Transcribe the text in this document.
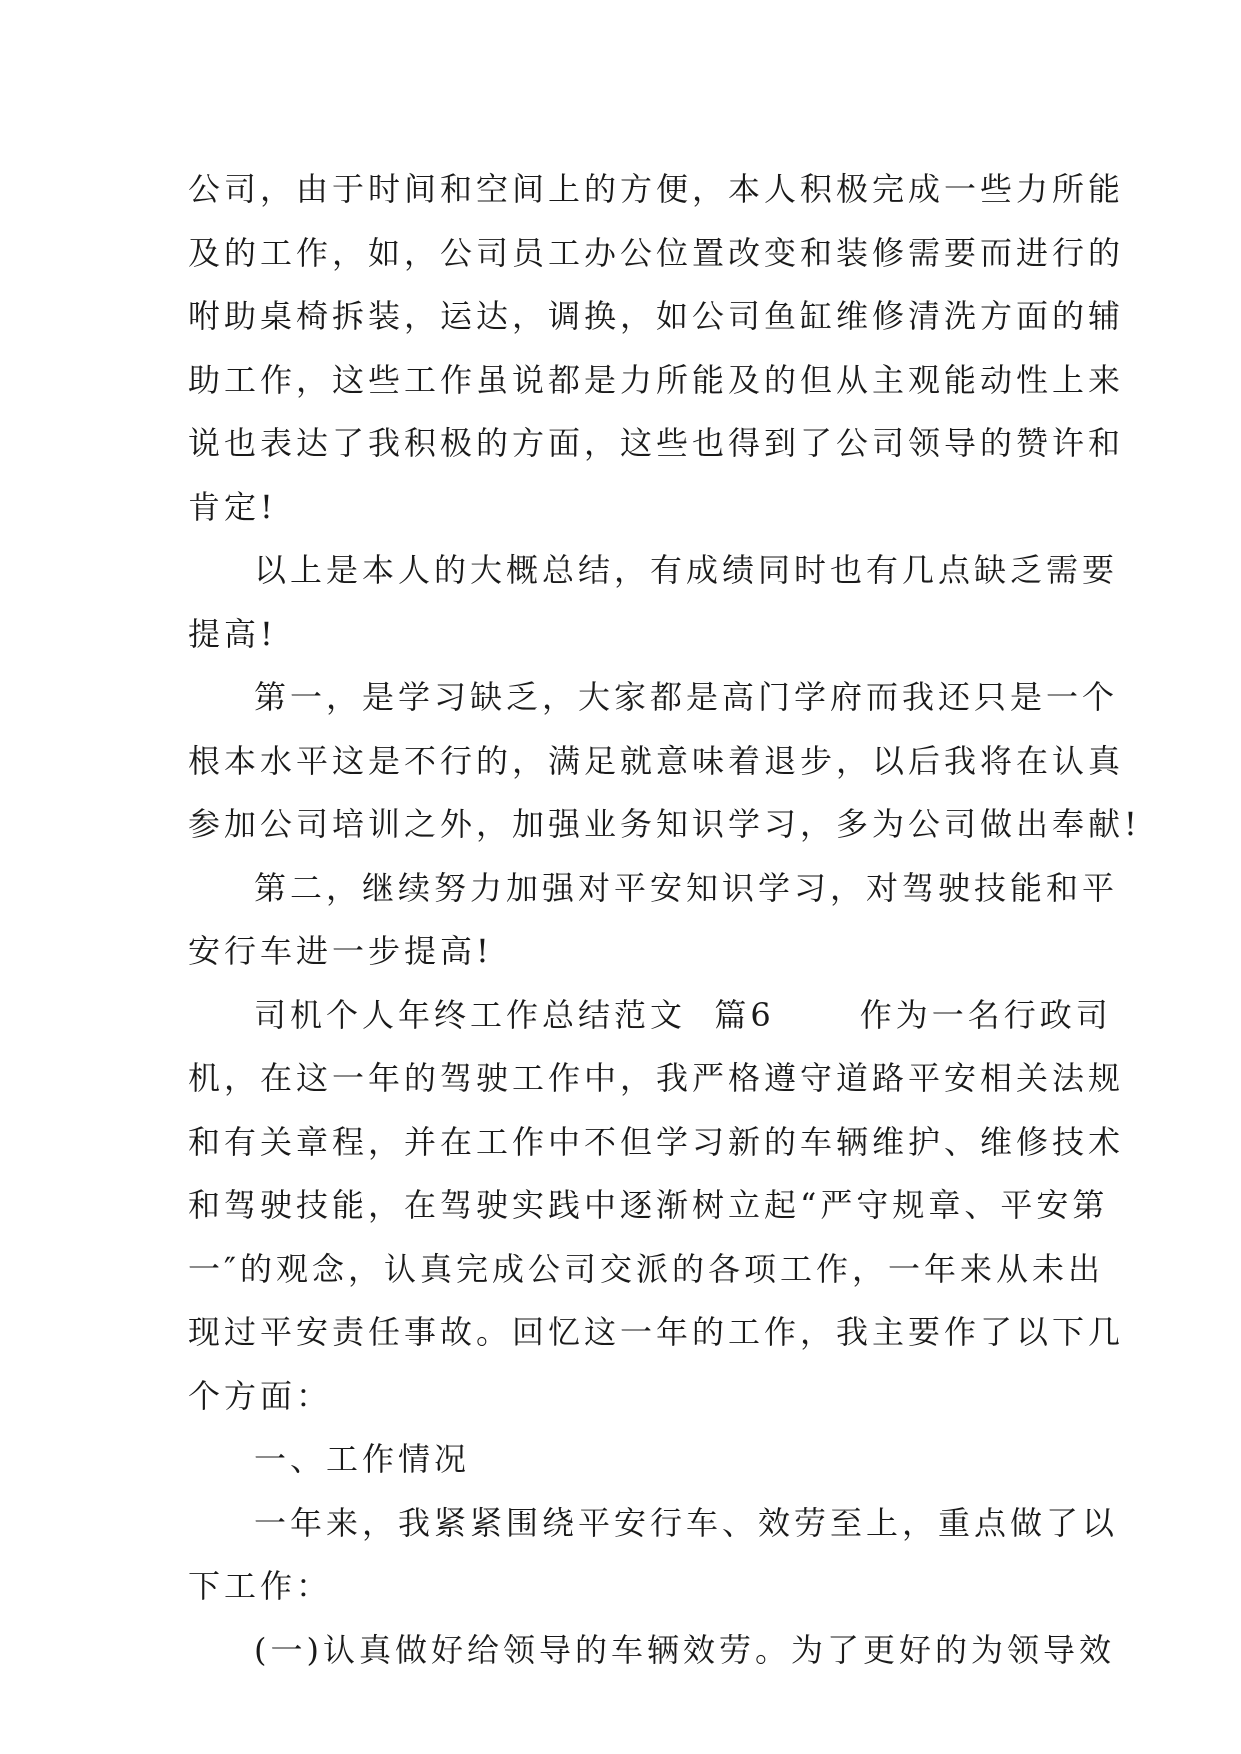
公司，由于时间和空间上的方便，本人积极完成一些力所能
及的工作，如，公司员工办公位置改变和装修需要而进行的
咐助桌椅拆装，运达，调换，如公司鱼缸维修清洗方面的辅
助工作，这些工作虽说都是力所能及的但从主观能动性上来
说也表达了我积极的方面，这些也得到了公司领导的赞许和
肯定!
以上是本人的大概总结，有成绩同时也有几点缺乏需要
提高!
第一，是学习缺乏，大家都是高门学府而我还只是一个
根本水平这是不行的，满足就意味着退步，以后我将在认真
参加公司培训之外，加强业务知识学习，多为公司做出奉献!
第二，继续努力加强对平安知识学习，对驾驶技能和平
安行车进一步提高!
司机个人年终工作总结范文  篇6      作为一名行政司
机，在这一年的驾驶工作中，我严格遵守道路平安相关法规
和有关章程，并在工作中不但学习新的车辆维护、维修技术
和驾驶技能，在驾驶实践中逐渐树立起“严守规章、平安第
一″的观念，认真完成公司交派的各项工作，一年来从未出
现过平安责任事故。回忆这一年的工作，我主要作了以下几
个方面：
一、工作情况
一年来，我紧紧围绕平安行车、效劳至上，重点做了以
下工作：
(一)认真做好给领导的车辆效劳。为了更好的为领导效
